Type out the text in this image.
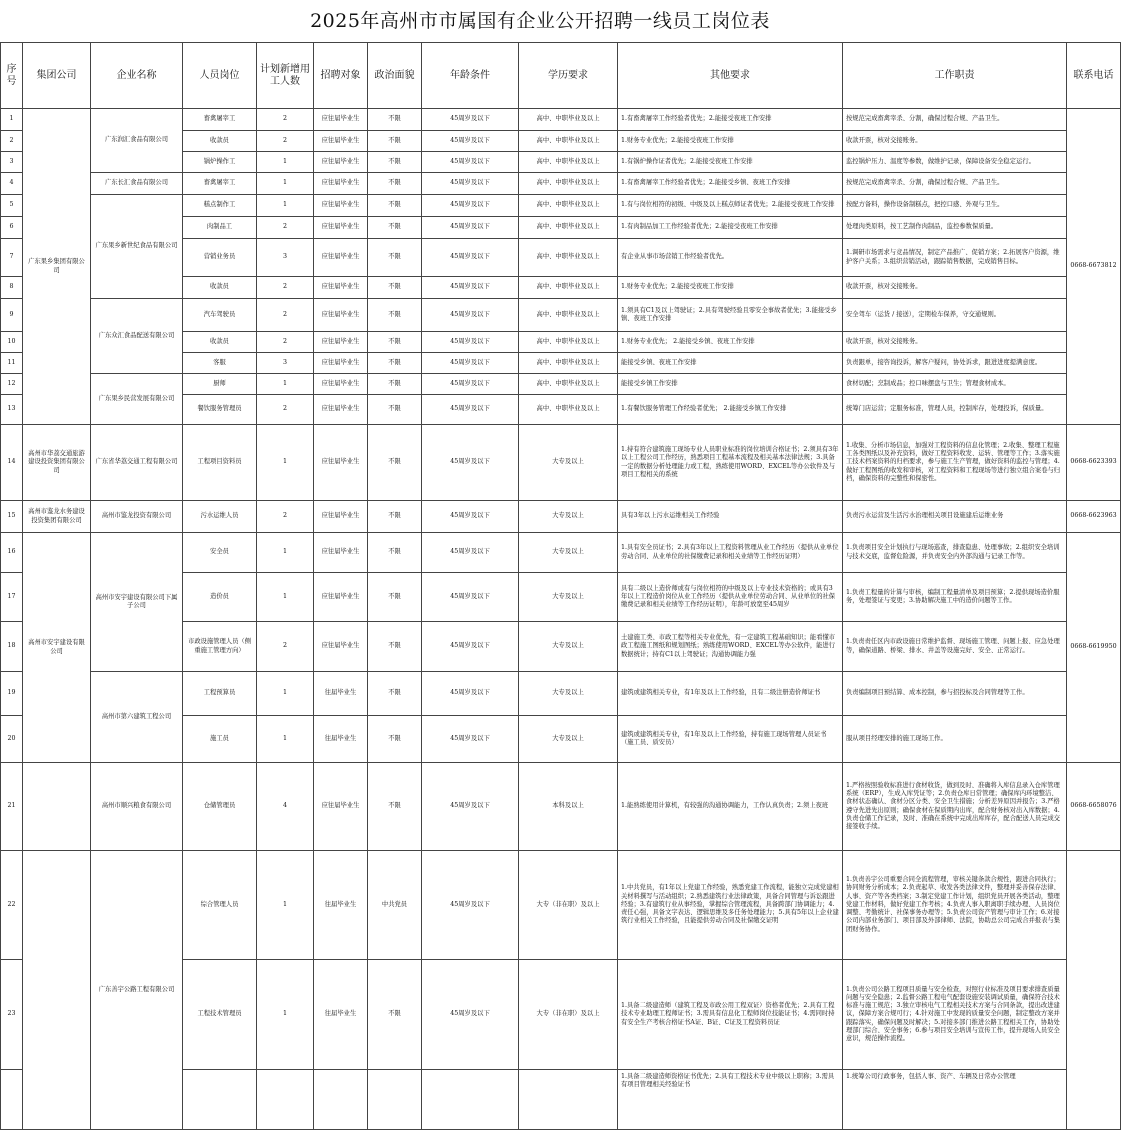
2025年高州市市属国有企业公开招聘一线员工岗位表
序号	集团公司	企业名称	人员岗位	计划新增用工人数	招聘对象	政治面貌	年龄条件	学历要求	其他要求	工作职责	联系电话
1	广东果乡集团有限公司	广东润汇食品有限公司	畜禽屠宰工	2	应往届毕业生	不限	45周岁及以下	高中、中职毕业及以上	1.有畜禽屠宰工作经验者优先；2.能接受夜班工作安排	按规范完成畜禽宰杀、分割，确保过程合规、产品卫生。	0668-6673812
2			收款员	2	应往届毕业生	不限	45周岁及以下	高中、中职毕业及以上	1.财务专业优先；2.能接受夜班工作安排	收款开票，核对交接账务。	
3			锅炉操作工	1	应往届毕业生	不限	45周岁及以下	高中、中职毕业及以上	1.有锅炉操作证者优先；2.能接受夜班工作安排	监控锅炉压力、温度等参数，做维护记录，保障设备安全稳定运行。	
4		广东长汇食品有限公司	畜禽屠宰工	1	应往届毕业生	不限	45周岁及以下	高中、中职毕业及以上	1.有畜禽屠宰工作经验者优先；2.能接受乡镇、夜班工作安排	按规范完成畜禽宰杀、分割，确保过程合规、产品卫生。	
5		广东果乡新世纪食品有限公司	糕点制作工	1	应往届毕业生	不限	45周岁及以下	高中、中职毕业及以上	1.有与岗位相符的初级、中级及以上糕点师证者优先；2.能接受夜班工作安排	按配方备料，操作设备制糕点，把控口感、外观与卫生。	
6			肉制品工	2	应往届毕业生	不限	45周岁及以下	高中、中职毕业及以上	1.有肉制品加工工作经验者优先；2.能接受夜班工作安排	处理肉类原料，按工艺制作肉制品，监控参数保质量。	
7			营销业务员	3	应往届毕业生	不限	45周岁及以下	高中、中职毕业及以上	有企业从事市场营销工作经验者优先。	1.调研市场需求与竞品情况，制定产品推广、促销方案；2.拓展客户资源，维护客户关系；3.组织营销活动，跟踪销售数据，完成销售目标。	
8			收款员	2	应往届毕业生	不限	45周岁及以下	高中、中职毕业及以上	1.财务专业优先；2.能接受夜班工作安排	收款开票，核对交接账务。	
9		广东众汇食品配送有限公司	汽车驾驶员	2	应往届毕业生	不限	45周岁及以下	高中、中职毕业及以上	1.须具有C1及以上驾驶证；2.具有驾驶经验且零安全事故者优先；3.能接受乡镇、夜班工作安排	安全驾车（运货 / 接送），定期检车保养，守交通规则。	
10			收款员	2	应往届毕业生	不限	45周岁及以下	高中、中职毕业及以上	1.财务专业优先； 2.能接受乡镇、夜班工作安排	收款开票，核对交接账务。	
11			客服	3	应往届毕业生	不限	45周岁及以下	高中、中职毕业及以上	能接受乡镇、夜班工作安排	负责跟单，接咨询投诉，解客户疑问，协处诉求，跟进进度提满意度。	
12		广东果乡民营发展有限公司	厨师	1	应往届毕业生	不限	45周岁及以下	高中、中职毕业及以上	能接受乡镇工作安排	食材切配；烹制成品；控口味摆盘与卫生；管理食材成本。	
13			餐饮服务管理员	2	应往届毕业生	不限	45周岁及以下	高中、中职毕业及以上	1.有餐饮服务管理工作经验者优先； 2.能接受乡镇工作安排	统筹门店运营；定服务标准，管理人员，控制库存，处理投诉，保质量。	
14	高州市华荔交通旅游建设投资集团有限公司	广东省华荔交通工程有限公司	工程项目资料员	1	应往届毕业生	不限	45周岁及以下	大专及以上	1.持有符合建筑施工现场专业人员职业标准的岗位培训合格证书；2.须具有3年以上工程公司工作经历，熟悉项目工程基本流程及相关基本法律法规；3.具备一定的数据分析处理能力或工程，熟练使用WORD、EXCEL等办公软件及与项目工程相关的系统	1.收集、分析市场信息，加强对工程资料的信息化管理；2.收集、整理工程施工各类图纸以及补充资料，做好工程资料收发、运转、管理等工作；3.落实施工技术档案资料的归档要求，参与施工生产管理，做好资料的监控与管理；4.做好工程图纸的收发和审核，对工程资料和工程现场等进行独立组合案卷与归档，确保资料的完整性和保密性。	0668-6623393
15	高州市鉴龙水务建设投资集团有限公司	高州市鉴龙投资有限公司	污水运维人员	2	应往届毕业生	不限	45周岁及以下	大专及以上	具有3年以上污水运维相关工作经验	负责污水运营及生活污水治理相关项目设施建后运维业务	0668-6623963
16	高州市安宇建设有限公司	高州市安宇建设有限公司下属子公司	安全员	1	应往届毕业生	不限	45周岁及以下	大专及以上	1.具有安全员证书；2.具有3年以上工程资料管理从业工作经历（提供从业单位劳动合同、从业单位的社保缴费记录和相关业绩等工作经历证明）	1.负责项目安全计划执行与现场巡查，排查隐患、处理事故；2.组织安全培训与技术交底，监督危险源，并负责安全内外部沟通与记录工作等。	0668-6619950
17			造价员	1	应往届毕业生	不限	45周岁及以下	大专及以上	具有二级以上造价师或有与岗位相符的中级及以上专业技术资格的；或具有3年以上工程造价岗位从业工作经历（提供从业单位劳动合同、从业单位的社保缴费记录和相关业绩等工作经历证明），年龄可放宽至45周岁	1.负责工程量的计算与审核，编制工程量清单及项目预算；2.提供现场造价服务，处理签证与变更；3.协助解决施工中的造价问题等工作。	
18			市政设施管理人员（侧重施工管理方向）	2	应往届毕业生	不限	45周岁及以下	大专及以上	土建施工类、市政工程等相关专业优先，有一定建筑工程基础知识；能看懂市政工程施工图纸和规划图纸；熟练使用WORD、EXCEL等办公软件，能进行数据统计；持有C1以上驾驶证；沟通协调能力强	1.负责责任区内市政设施日常维护监督、现场施工管理、问题上报、应急处理等，确保道路、桥梁、排水、井盖等设施完好、安全、正常运行。	
19		高州市第六建筑工程公司	工程预算员	1	往届毕业生	不限	45周岁及以下	大专及以上	建筑或建筑相关专业，有1年及以上工作经验，且有二级注册造价师证书	负责编制项目预结算、成本控制，参与招投标及合同管理等工作。	
20			施工员	1	往届毕业生	不限	45周岁及以下	大专及以上	建筑或建筑相关专业，有1年及以上工作经验，持有施工现场管理人员证书（施工员、质安员）	服从项目经理安排的施工现场工作。	
21		高州市顺兴粮食有限公司	仓储管理员	4	应往届毕业生	不限	45周岁及以下	本科及以上	1.能熟练使用计算机，有较强的沟通协调能力，工作认真负责；2.须上夜班	1.严格按照验收标准进行食材收货，做到及时、准确将入库信息录入仓库管理系统（ERP），生成入库凭证等；2.负责仓库日常管理；确保库内环境整洁、食材状态确认、食材分区分类、安全卫生措施；分析差异原因并报告；3.严格遵守先进先出原则；确保食材在保质期内出库，配合财务核对出入库数据；4.负责仓储工作记录，及时、准确在系统中完成出库库存，配合配送人员完成交接签收手续。	0668-6658076
22		广东善宇公路工程有限公司	综合管理人员	1	往届毕业生	中共党员	45周岁及以下	大专（非在职）及以上	1.中共党员，有1年以上党建工作经验，熟悉党建工作流程，能独立完成党建相关材料撰写与活动组织；2.熟悉建筑行业法律政策，具备合同管理与诉讼跟进经验；3.有建筑行业从事经验，掌握综合管理流程，具备跨部门协调能力；4.责任心强，具备文字表达、逻辑思维及多任务处理能力；5.具有5年以上企业建筑行业相关工作经验，且能提供劳动合同及社保缴交证明	1.负责善宇公司重要合同全流程管理，审核关键条款合规性，跟进合同执行；协同财务分析成本；2.负责起草、收发各类法律文件，整理并妥善保存法律、人事、资产等各类档案；3.制定党建工作计划，组织党员开展各类活动，整理党建工作材料，做好党建工作考核；4.负责人事入职离职手续办理、人员岗位调整、考勤统计、社保事务办理等；5.负责公司资产管理与审计工作；6.对接公司内部业务部门、项目部及外部律师、法院，协助总公司完成合并报表与集团财务协作。	
23			工程技术管理员	1	往届毕业生	不限	45周岁及以下	大专（非在职）及以上	1.具备二级建造师（建筑工程及市政公用工程双证）资格者优先；2.具有工程技术专业助理工程师证书；3.需具有信息化工程师岗位技能证书；4.需同时持有安全生产考核合格证书A证、B证、C证及工程资料员证	1.负责公司公路工程项目质量与安全检查，对照行业标准及项目要求排查质量问题与安全隐患；2.监督公路工程电气配套设施安装调试质量，确保符合技术标准与施工规范；3.独立审核电气工程相关技术方案与合同条款，提出改进建议，保障方案合规可行；4.针对施工中发现的质量安全问题，制定整改方案并跟踪落实，确保问题及时解决；5.对接多部门推进公路工程相关工作，协助处理部门综合、安全事务；6.参与项目安全培训与宣传工作，提升现场人员安全意识，规范操作流程。	
									1.具备二级建造师资格证书优先；2.具有工程技术专业中级以上职称；3.需具有项目管理相关经验证书	1.统筹公司行政事务，包括人事、资产、车辆及日常办公管理	
